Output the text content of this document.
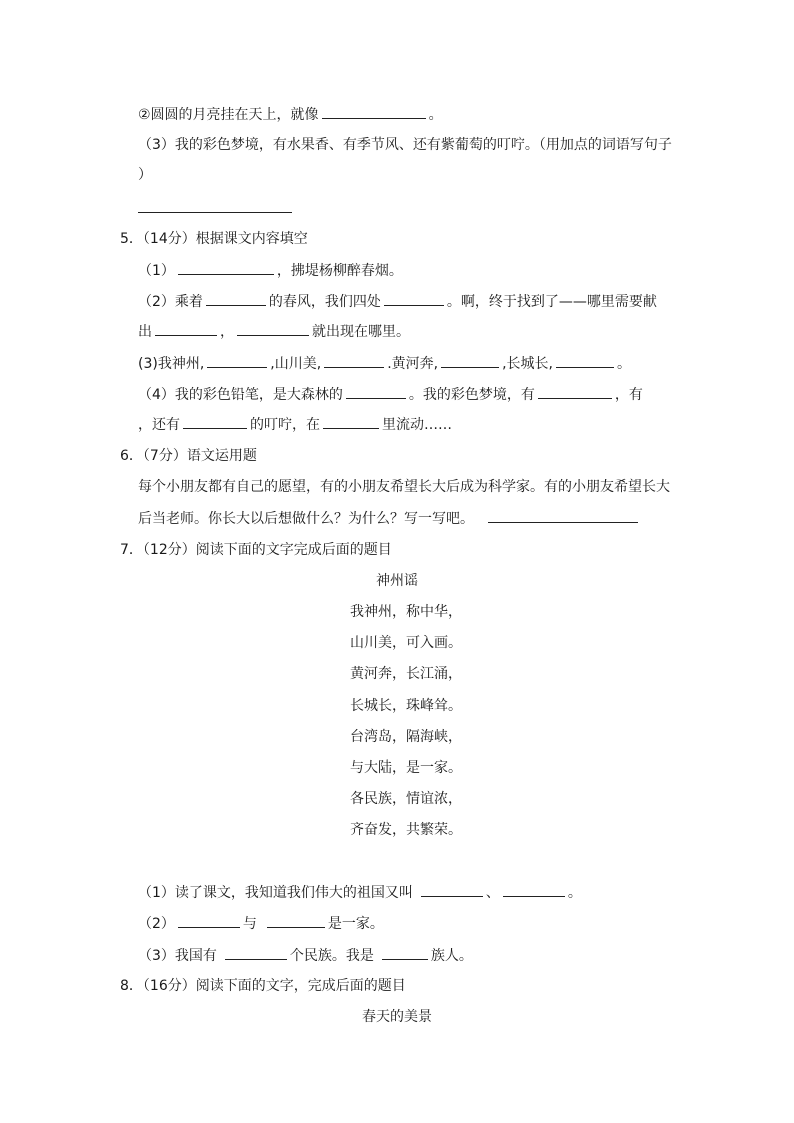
②圆圆的月亮挂在天上，就像	。
（3）我的彩色梦境，有水果香、有季节风、还有紫葡萄的叮咛。（用加点的词语写句子
）
5．（14分）根据课文内容填空
（1）	，拂堤杨柳醉春烟。
（2）乘着	的春风，我们四处	。啊，终于找到了——哪里需要献
出	，	就出现在哪里。
(3)我神州,	,山川美,	.黄河奔,	,长城长,	。
（4）我的彩色铅笔，是大森林的	。我的彩色梦境，有	，有
，还有	的叮咛，在	里流动……
6．（7分）语文运用题
每个小朋友都有自己的愿望，有的小朋友希望长大后成为科学家。有的小朋友希望长大
后当老师。你长大以后想做什么？为什么？写一写吧。
7．（12分）阅读下面的文字完成后面的题目
神州谣
我神州，称中华，
山川美，可入画。
黄河奔，长江涌，
长城长，珠峰耸。
台湾岛，隔海峡，
与大陆，是一家。
各民族，情谊浓，
齐奋发，共繁荣。
（1）读了课文，我知道我们伟大的祖国又叫	、	。
（2）	与	是一家。
（3）我国有	个民族。我是	族人。
8．（16分）阅读下面的文字，完成后面的题目
春天的美景
